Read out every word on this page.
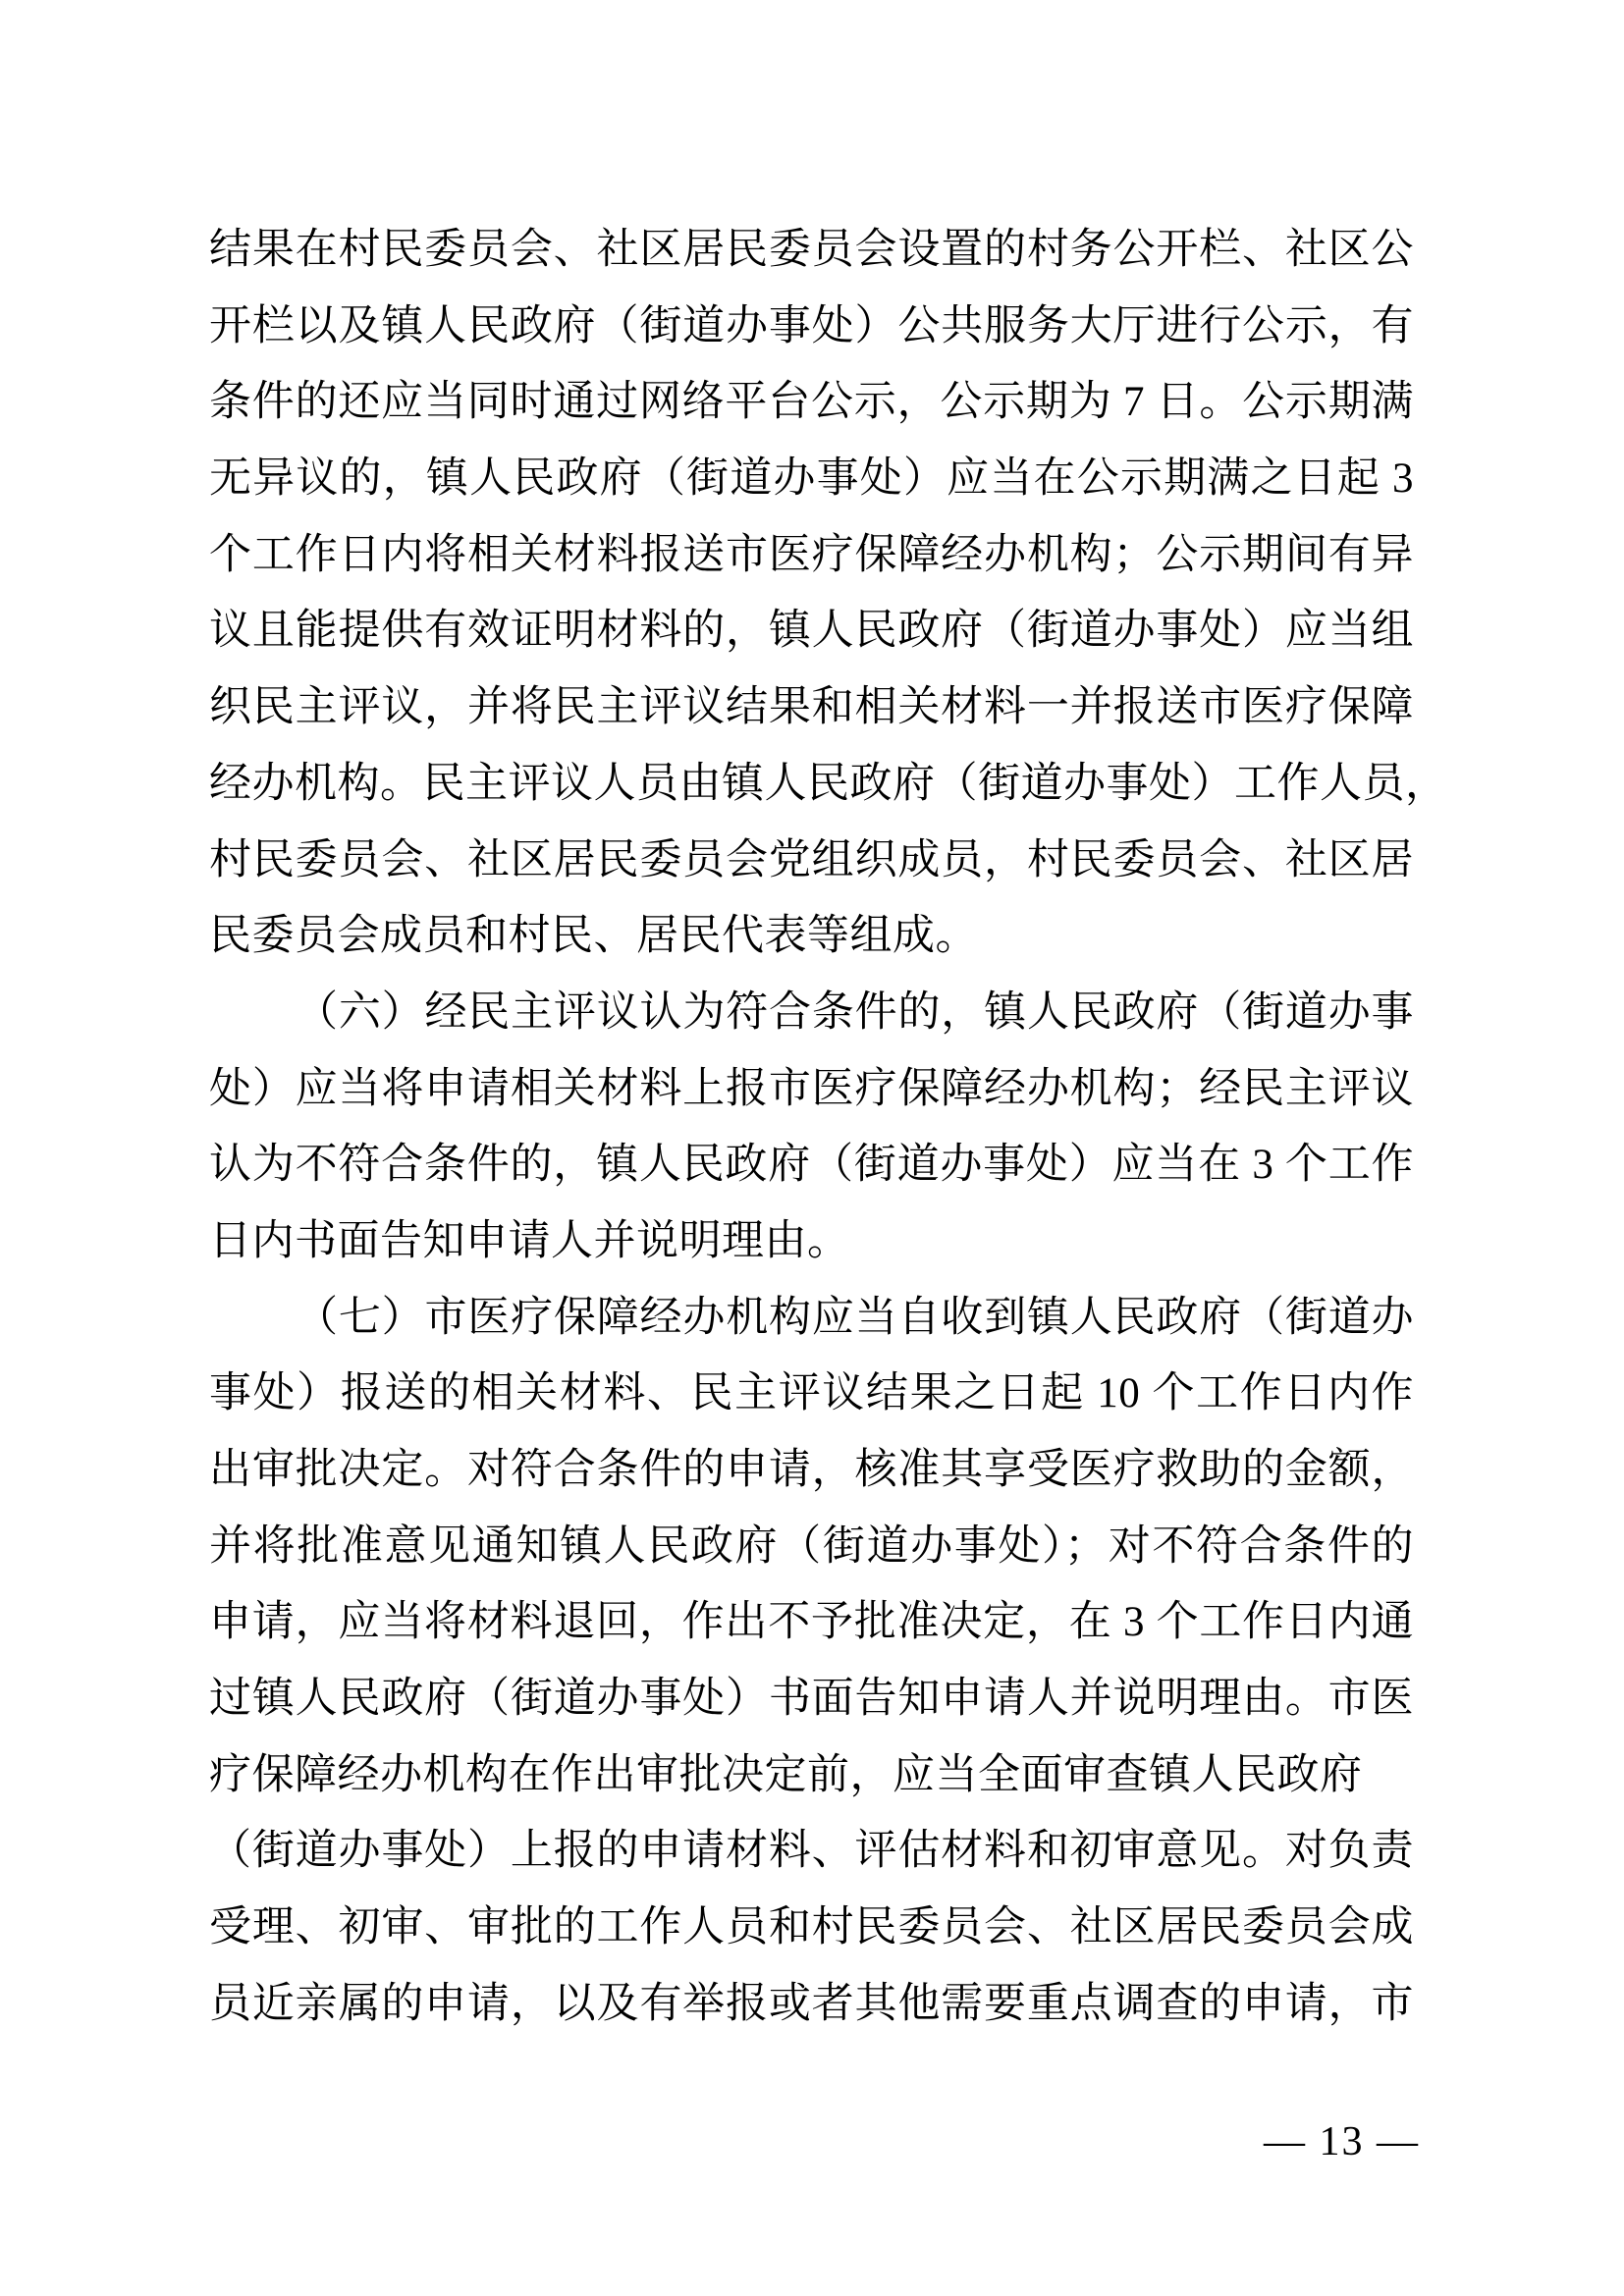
结果在村民委员会、社区居民委员会设置的村务公开栏、社区公
开栏以及镇人民政府（街道办事处）公共服务大厅进行公示，有
条件的还应当同时通过网络平台公示，公示期为 7 日。公示期满
无异议的，镇人民政府（街道办事处）应当在公示期满之日起 3
个工作日内将相关材料报送市医疗保障经办机构；公示期间有异
议且能提供有效证明材料的，镇人民政府（街道办事处）应当组
织民主评议，并将民主评议结果和相关材料一并报送市医疗保障
经办机构。民主评议人员由镇人民政府（街道办事处）工作人员，
村民委员会、社区居民委员会党组织成员，村民委员会、社区居
民委员会成员和村民、居民代表等组成。
（六）经民主评议认为符合条件的，镇人民政府（街道办事
处）应当将申请相关材料上报市医疗保障经办机构；经民主评议
认为不符合条件的，镇人民政府（街道办事处）应当在 3 个工作
日内书面告知申请人并说明理由。
（七）市医疗保障经办机构应当自收到镇人民政府（街道办
事处）报送的相关材料、民主评议结果之日起 10 个工作日内作
出审批决定。对符合条件的申请，核准其享受医疗救助的金额，
并将批准意见通知镇人民政府（街道办事处）；对不符合条件的
申请，应当将材料退回，作出不予批准决定，在 3 个工作日内通
过镇人民政府（街道办事处）书面告知申请人并说明理由。市医
疗保障经办机构在作出审批决定前，应当全面审查镇人民政府
（街道办事处）上报的申请材料、评估材料和初审意见。对负责
受理、初审、审批的工作人员和村民委员会、社区居民委员会成
员近亲属的申请，以及有举报或者其他需要重点调查的申请，市
— 13 —
